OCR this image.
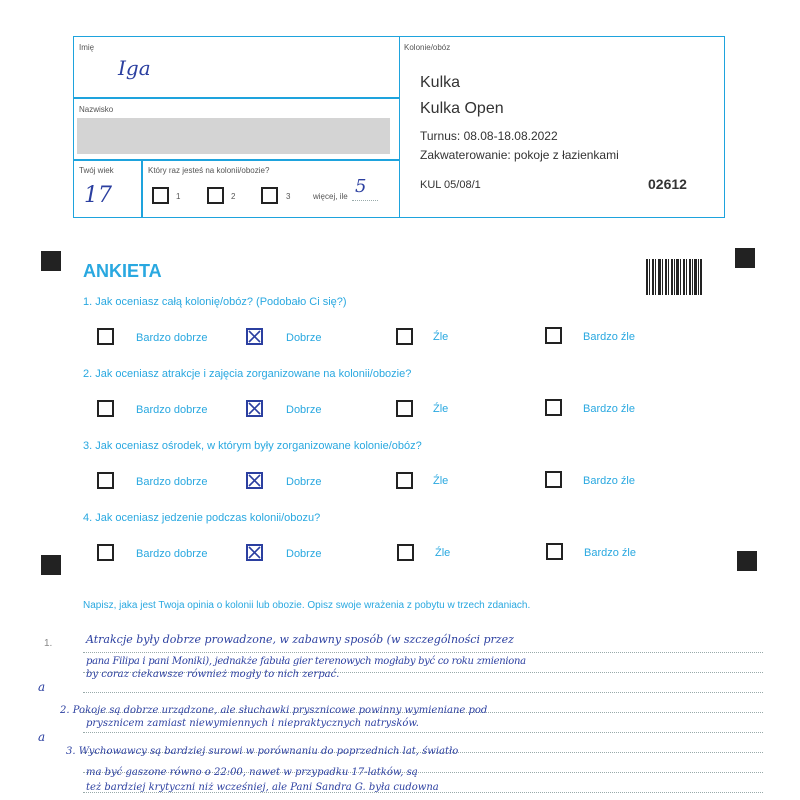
Imię
Iga
Nazwisko
Twój wiek
17
Który raz jesteś na kolonii/obozie?
1	2	3	więcej, ile 5
Kolonie/obóz
Kulka
Kulka Open
Turnus: 08.08-18.08.2022
Zakwaterowanie: pokoje z łazienkami
KUL 05/08/1	02612
ANKIETA
1. Jak oceniasz całą kolonię/obóz? (Podobało Ci się?)
Bardzo dobrze	Dobrze	Źle	Bardzo źle
2. Jak oceniasz atrakcje i zajęcia zorganizowane na kolonii/obozie?
Bardzo dobrze	Dobrze	Źle	Bardzo źle
3. Jak oceniasz ośrodek, w którym były zorganizowane kolonie/obóz?
Bardzo dobrze	Dobrze	Źle	Bardzo źle
4. Jak oceniasz jedzenie podczas kolonii/obozu?
Bardzo dobrze	Dobrze	Źle	Bardzo źle
Napisz, jaka jest Twoja opinia o kolonii lub obozie. Opisz swoje wrażenia z pobytu w trzech zdaniach.
1.	Atrakcje były dobrze prowadzone, w zabawny sposób (w szczególności przez
pana Filipa i pani Moniki), jednakże fabuła gier terenowych mogłaby być co roku zmieniona
by coraz ciekawsze również mogły to nich zerpać.
a
2. Pokoje są dobrze urządzone, ale słuchawki prysznicowe powinny wymieniane pod
prysznicem zamiast niewymiennych i niepraktycznych natrysków.
a
3. Wychowawcy są bardziej surowi w porównaniu do poprzednich lat, światło
ma być gaszone równo o 22:00, nawet w przypadku 17-latków, są
też bardziej krytyczni niż wcześniej, ale Pani Sandra G. była cudowna
